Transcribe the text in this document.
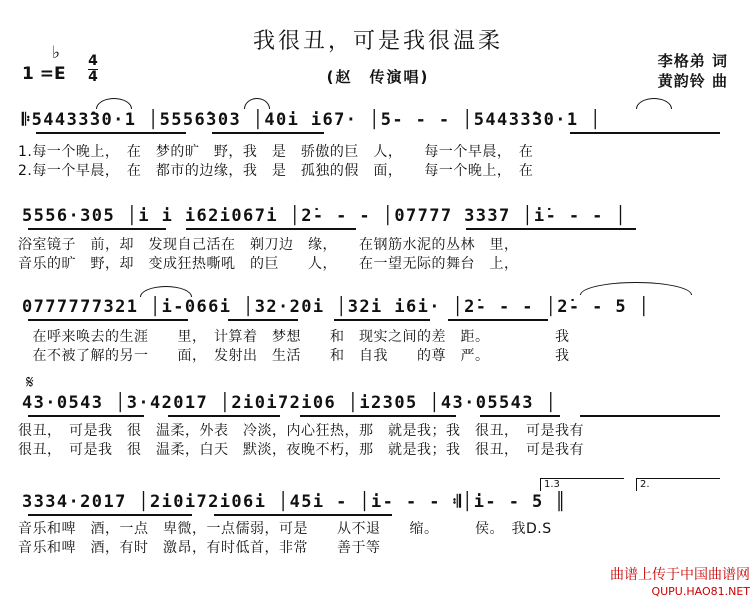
我很丑，可是我很温柔
(赵　传演唱)
李格弟 词
黄韵铃 曲
♭
1 =E
4
4
𝄆54433̂30·1 │5556̂303 │40i i67· │5- - - │54433̂30·1 │
1.每一个晚上，　在　梦的旷　野，我　是　骄傲的巨　人，　　每一个早晨，　在
2.每一个早晨，　在　都市的边缘，我　是　孤独的假　面，　　每一个晚上，　在
5556·305 │i i i62i067i │2̇- - - │07777 3337 │i̇- - - │
浴室镜子　前，却　发现自己活在　剃刀边　缘，　　在钢筋水泥的丛林　里，
音乐的旷　野，却　变成狂热嘶吼　的巨　　人，　　在一望无际的舞台　上，
0777777321 │i-066i │32·20i │32i i6i· │2̇- - - │2̇- - 5 │
　在呼来唤去的生涯　　里，　计算着　梦想　　和　现实之间的差　距。　　　　　我
　在不被了解的另一　　面，　发射出　生活　　和　自我　　的尊　严。　　　　　我
𝄋
43·0543 │3·42017 │2i0i72i06 │i2305 │43·05543 │
很丑，　可是我　很　温柔，外表　冷淡，内心狂热，那　就是我；我　很丑，　可是我有
很丑，　可是我　很　温柔，白天　默淡，夜晚不朽，那　就是我；我　很丑，　可是我有
1.3	2.
3334·2017 │2i0i72i06i │45i - │i- - - 𝄇│i- - 5 ║
音乐和啤　酒，一点　卑微，一点儒弱，可是　　从不退　　缩。　　　侯。　我D.S
音乐和啤　酒，有时　激昂，有时低首，非常　　善于等
曲谱上传于中国曲谱网
QUPU.HAO81.NET
